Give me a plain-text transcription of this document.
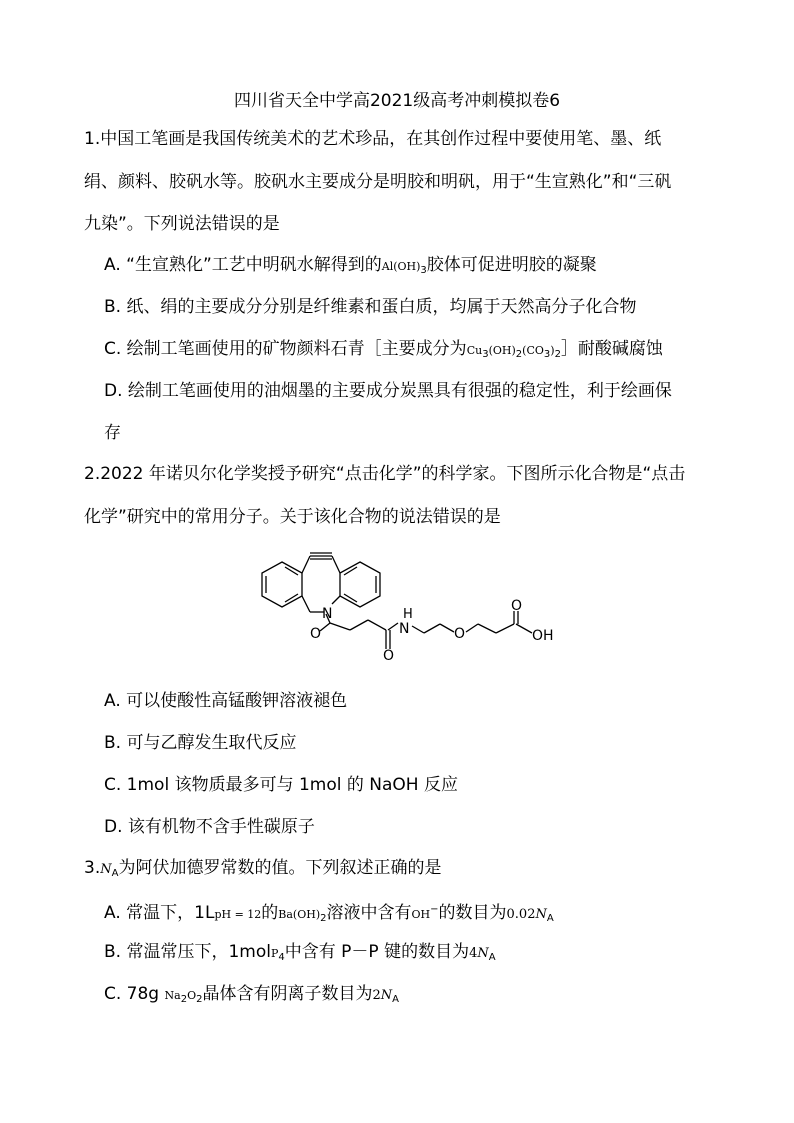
四川省天全中学高2021级高考冲刺模拟卷6
1.中国工笔画是我国传统美术的艺术珍品，在其创作过程中要使用笔、墨、纸
绢、颜料、胶矾水等。胶矾水主要成分是明胶和明矾，用于“生宣熟化”和“三矾
九染”。下列说法错误的是
A. “生宣熟化”工艺中明矾水解得到的$Al(OH)_3$胶体可促进明胶的凝聚
B. 纸、绢的主要成分分别是纤维素和蛋白质，均属于天然高分子化合物
C. 绘制工笔画使用的矿物颜料石青［主要成分为$Cu_3(OH)_2(CO_3)_2]$耐酸碱腐蚀
D. 绘制工笔画使用的油烟墨的主要成分炭黑具有很强的稳定性，利于绘画保
存
2.2022 年诺贝尔化学奖授予研究“点击化学”的科学家。下图所示化合物是“点击
化学”研究中的常用分子。关于该化合物的说法错误的是
N	H
N
O
O
O
O
OH
A. 可以使酸性高锰酸钾溶液褪色
B. 可与乙醇发生取代反应
C. 1mol 该物质最多可与 1mol 的 NaOH 反应
D. 该有机物不含手性碳原子
$3.N_A$为阿伏加德罗常数的值。下列叙述正确的是
A. 常温下，1LpH = 12的$Ba(OH)_2$溶液中含有OH−的数目为$0.02N_A$
B. 常温常压下，1molP$_4$中含有 P－P 键的数目为$4N_A$
C. 78g $Na_2O_2$晶体含有阴离子数目为$2N_A$
